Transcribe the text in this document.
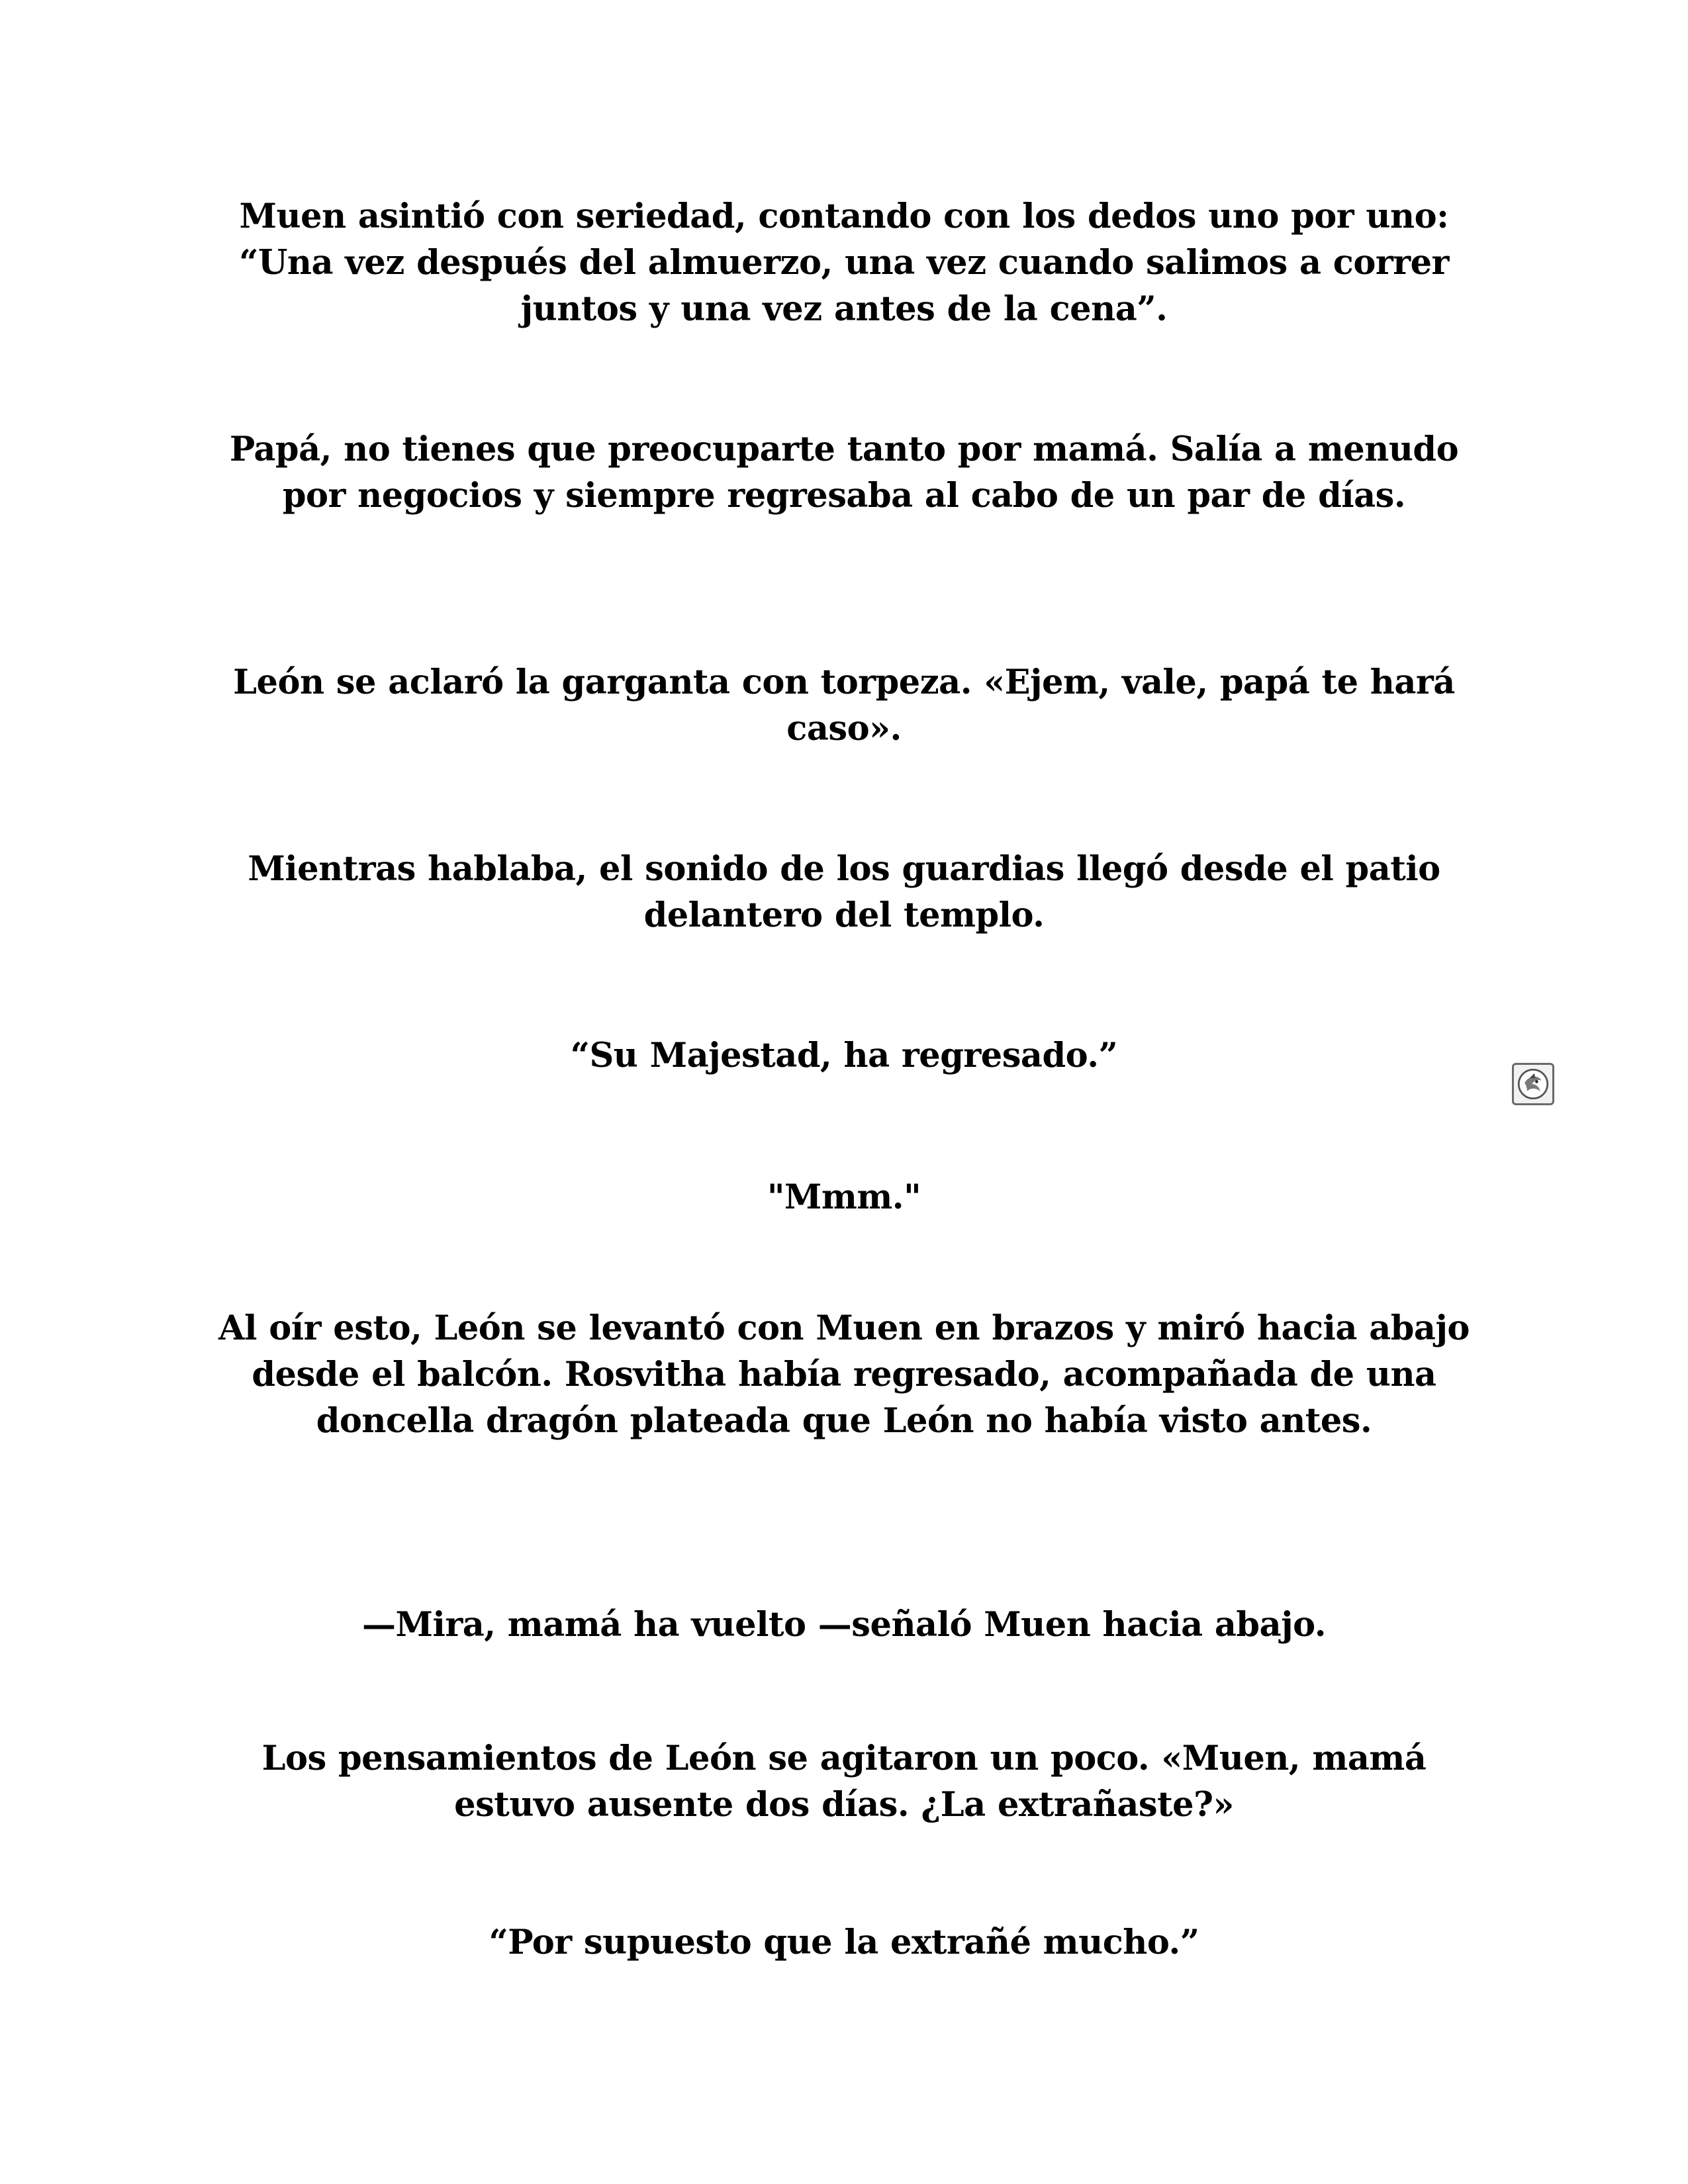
Muen asintió con seriedad, contando con los dedos uno por uno: “Una vez después del almuerzo, una vez cuando salimos a correr juntos y una vez antes de la cena”.

Papá, no tienes que preocuparte tanto por mamá. Salía a menudo por negocios y siempre regresaba al cabo de un par de días.

León se aclaró la garganta con torpeza. «Ejem, vale, papá te hará caso».

Mientras hablaba, el sonido de los guardias llegó desde el patio delantero del templo.

“Su Majestad, ha regresado.”

"Mmm."

Al oír esto, León se levantó con Muen en brazos y miró hacia abajo desde el balcón. Rosvitha había regresado, acompañada de una doncella dragón plateada que León no había visto antes.

—Mira, mamá ha vuelto —señaló Muen hacia abajo.

Los pensamientos de León se agitaron un poco. «Muen, mamá estuvo ausente dos días. ¿La extrañaste?»

“Por supuesto que la extrañé mucho.”
